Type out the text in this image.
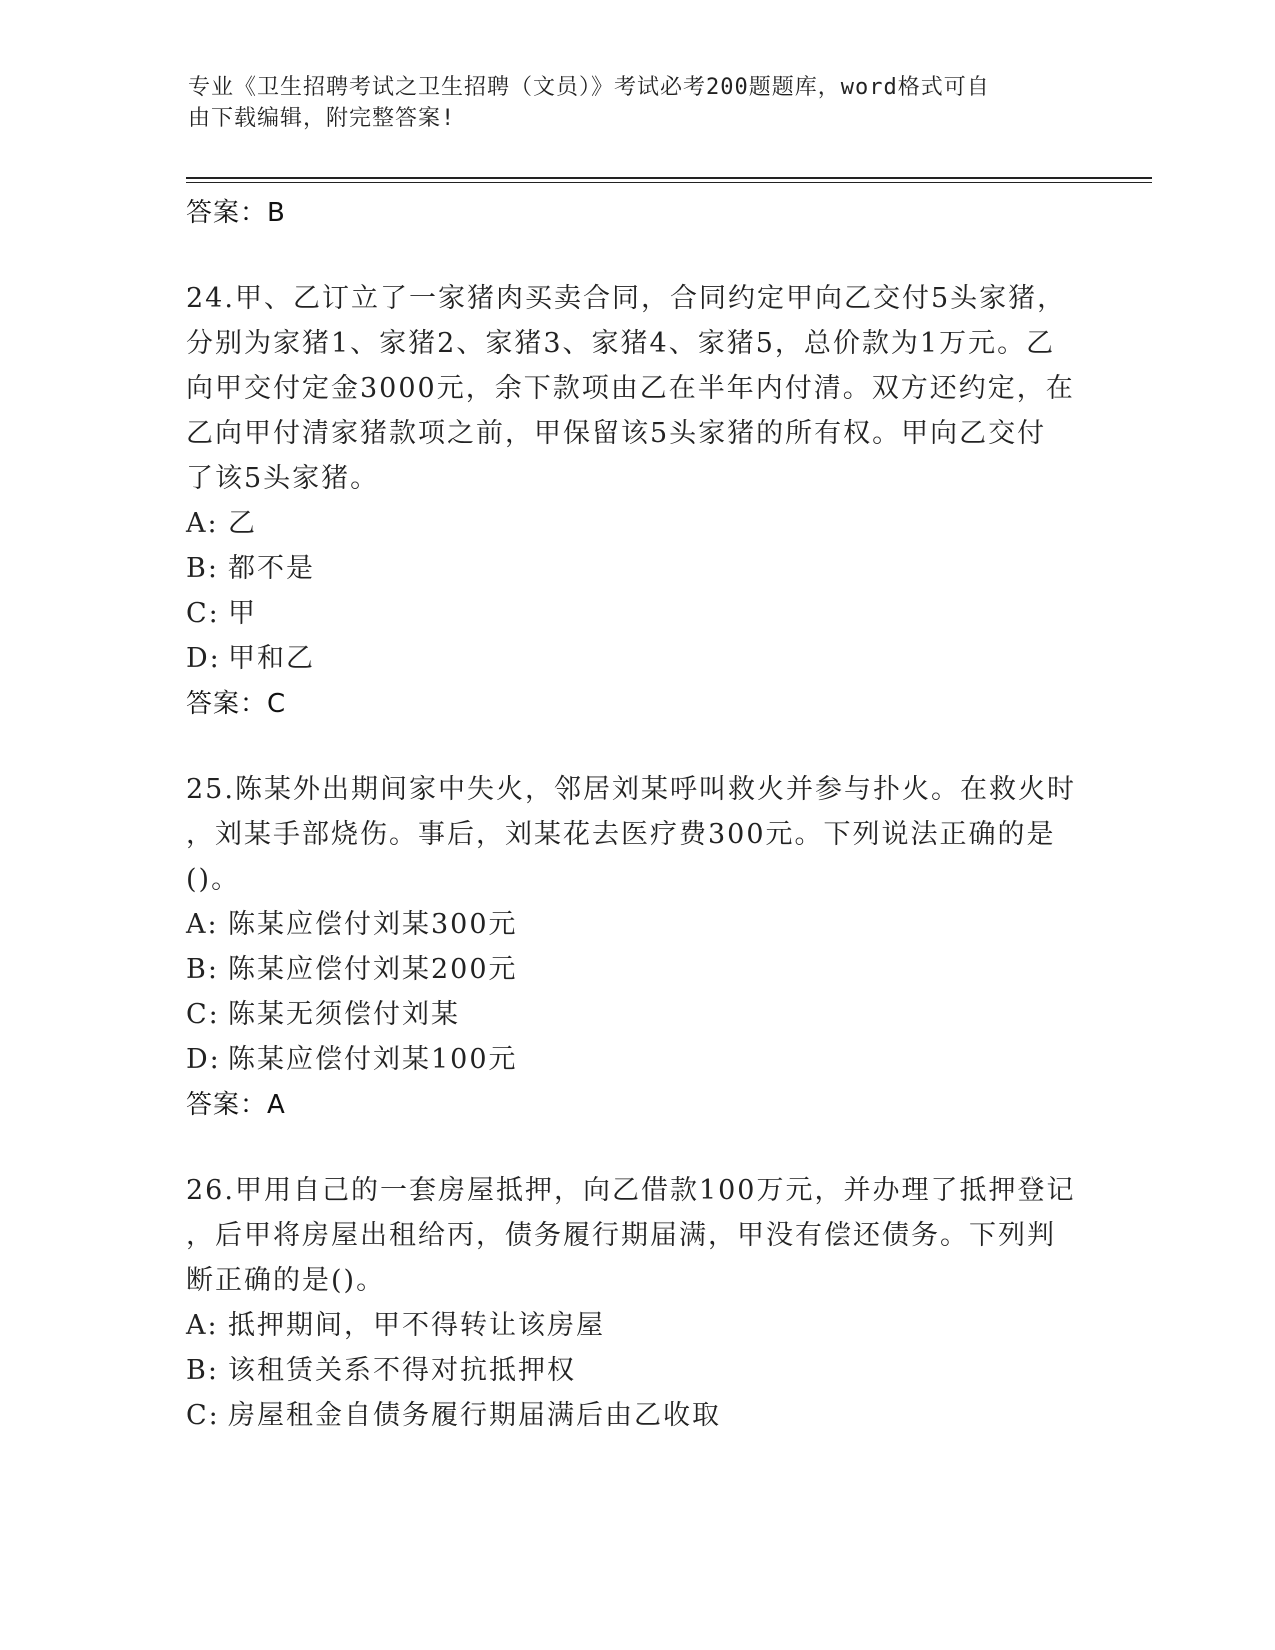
专业《卫生招聘考试之卫生招聘（文员）》考试必考200题题库，word格式可自
由下载编辑，附完整答案!
答案：B
24.甲、乙订立了一家猪肉买卖合同，合同约定甲向乙交付5头家猪，
分别为家猪1、家猪2、家猪3、家猪4、家猪5，总价款为1万元。乙
向甲交付定金3000元，余下款项由乙在半年内付清。双方还约定，在
乙向甲付清家猪款项之前，甲保留该5头家猪的所有权。甲向乙交付
了该5头家猪。
A: 乙
B: 都不是
C: 甲
D: 甲和乙
答案：C
25.陈某外出期间家中失火，邻居刘某呼叫救火并参与扑火。在救火时
，刘某手部烧伤。事后，刘某花去医疗费300元。下列说法正确的是
()。
A: 陈某应偿付刘某300元
B: 陈某应偿付刘某200元
C: 陈某无须偿付刘某
D: 陈某应偿付刘某100元
答案：A
26.甲用自己的一套房屋抵押，向乙借款100万元，并办理了抵押登记
，后甲将房屋出租给丙，债务履行期届满，甲没有偿还债务。下列判
断正确的是()。
A: 抵押期间，甲不得转让该房屋
B: 该租赁关系不得对抗抵押权
C: 房屋租金自债务履行期届满后由乙收取
